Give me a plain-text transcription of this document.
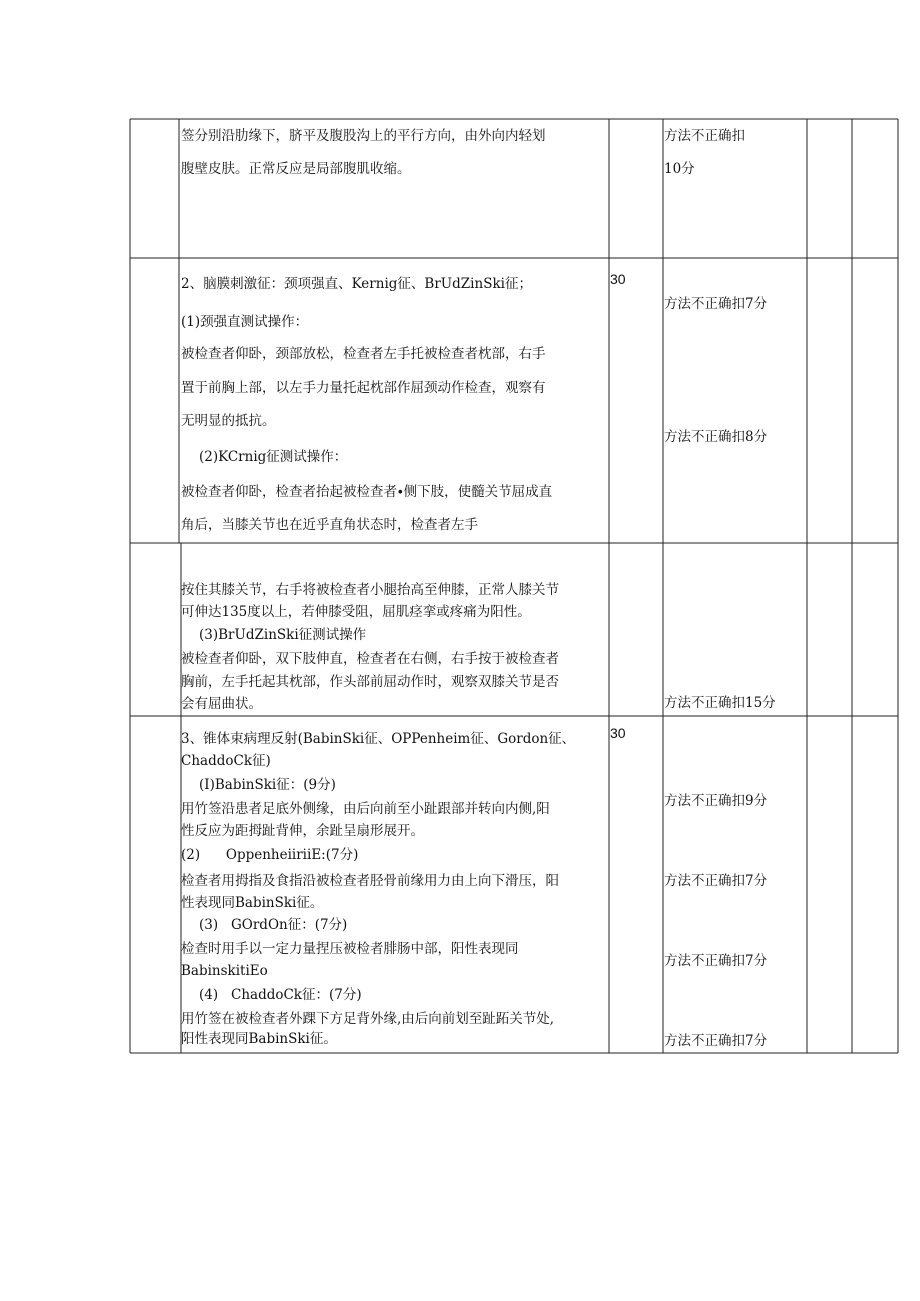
签分别沿肋缘下，脐平及腹股沟上的平行方向，由外向内轻划
腹壁皮肤。正常反应是局部腹肌收缩。
方法不正确扣
10分
30
2、脑膜刺激征：颈项强直、Kernig征、BrUdZinSki征；
(1)颈强直测试操作：
被检查者仰卧，颈部放松，检查者左手托被检查者枕部，右手
置于前胸上部，以左手力量托起枕部作屈颈动作检查，观察有
无明显的抵抗。
(2)KCrnig征测试操作：
被检查者仰卧，检查者抬起被检查者∙侧下肢，使髓关节屈成直
角后，当膝关节也在近乎直角状态时，检查者左手
方法不正确扣7分
方法不正确扣8分
按住其膝关节，右手将被检查者小腿抬高至伸膝，正常人膝关节
可伸达135度以上，若伸膝受阻，屈肌痉挛或疼痛为阳性。
(3)BrUdZinSki征测试操作
被检查者仰卧，双下肢伸直，检查者在右侧，右手按于被检查者
胸前，左手托起其枕部，作头部前屈动作时，观察双膝关节是否
会有屈曲状。	方法不正确扣15分
30
3、锥体束病理反射(BabinSki征、OPPenheim征、Gordon征、
ChaddoCk征)
(I)BabinSki征：(9分)
用竹签沿患者足底外侧缘，由后向前至小趾跟部并转向内侧,阳
性反应为距拇趾背伸，余趾呈扇形展开。
(2)      OppenheiiriiE:(7分)
检查者用拇指及食指沿被检查者胫骨前缘用力由上向下滑压，阳
性表现同BabinSki征。
(3)   GOrdOn征：(7分)
检查时用手以一定力量捏压被检者腓肠中部，阳性表现同
BabinskitiEo
(4)   ChaddoCk征：(7分)
用竹签在被检查者外踝下方足背外缘,由后向前划至趾跖关节处,
阳性表现同BabinSki征。
方法不正确扣9分
方法不正确扣7分
方法不正确扣7分
方法不正确扣7分
